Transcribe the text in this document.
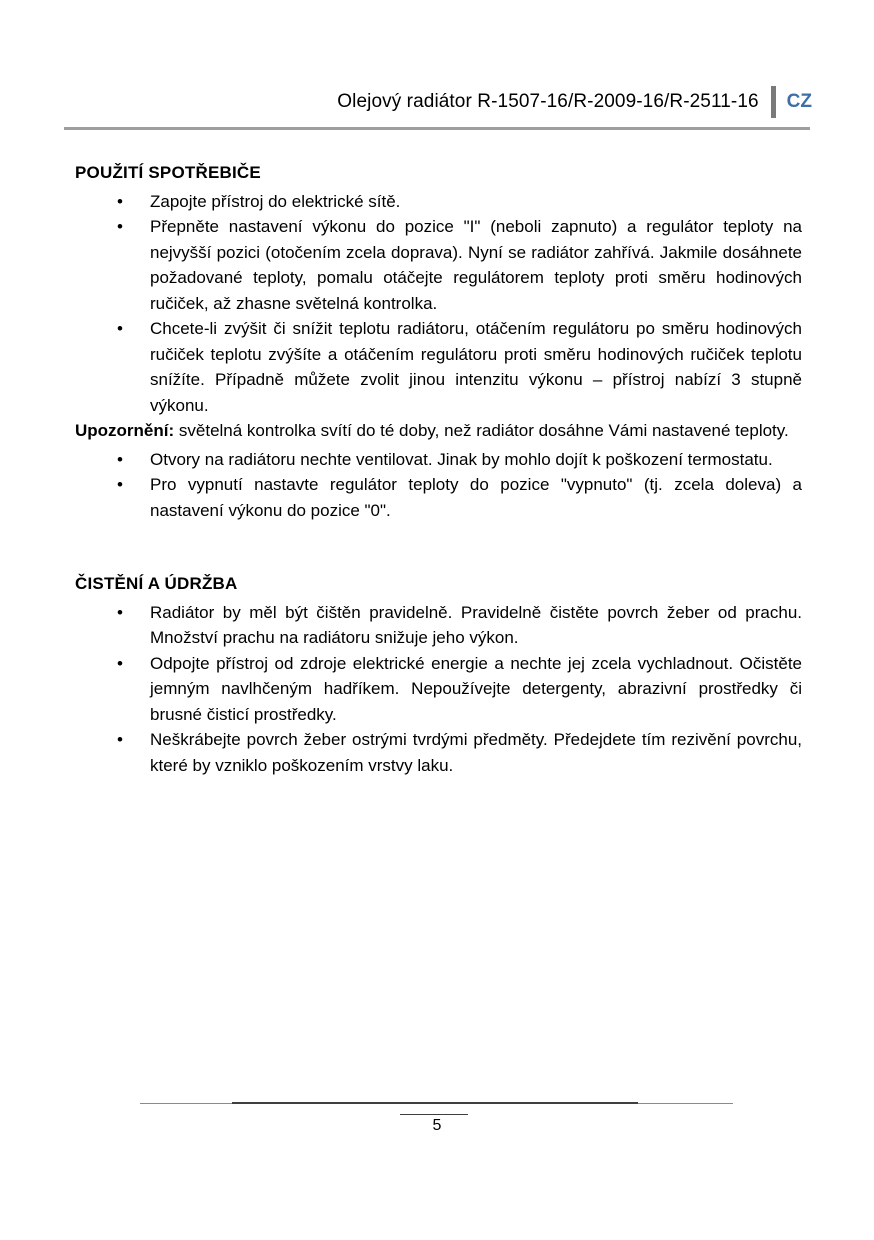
Olejový radiátor R-1507-16/R-2009-16/R-2511-16 CZ
POUŽITÍ SPOTŘEBIČE
• Zapojte přístroj do elektrické sítě.
• Přepněte nastavení výkonu do pozice "I" (neboli zapnuto) a regulátor teploty na nejvyšší pozici (otočením zcela doprava). Nyní se radiátor zahřívá. Jakmile dosáhnete požadované teploty, pomalu otáčejte regulátorem teploty proti směru hodinových ručiček, až zhasne světelná kontrolka.
• Chcete-li zvýšit či snížit teplotu radiátoru, otáčením regulátoru po směru hodinových ručiček teplotu zvýšíte a otáčením regulátoru proti směru hodinových ručiček teplotu snížíte. Případně můžete zvolit jinou intenzitu výkonu – přístroj nabízí 3 stupně výkonu.

Upozornění: světelná kontrolka svítí do té doby, než radiátor dosáhne Vámi nastavené teploty.

• Otvory na radiátoru nechte ventilovat. Jinak by mohlo dojít k poškození termostatu.
• Pro vypnutí nastavte regulátor teploty do pozice "vypnuto" (tj. zcela doleva) a nastavení výkonu do pozice "0".
ČISTĚNÍ A ÚDRŽBA
• Radiátor by měl být čištěn pravidelně. Pravidelně čistěte povrch žeber od prachu. Množství prachu na radiátoru snižuje jeho výkon.
• Odpojte přístroj od zdroje elektrické energie a nechte jej zcela vychladnout. Očistěte jemným navlhčeným hadříkem. Nepoužívejte detergenty, abrazivní prostředky či brusné čisticí prostředky.
• Neškrábejte povrch žeber ostrými tvrdými předměty. Předejdete tím rezivění povrchu, které by vzniklo poškozením vrstvy laku.
5
